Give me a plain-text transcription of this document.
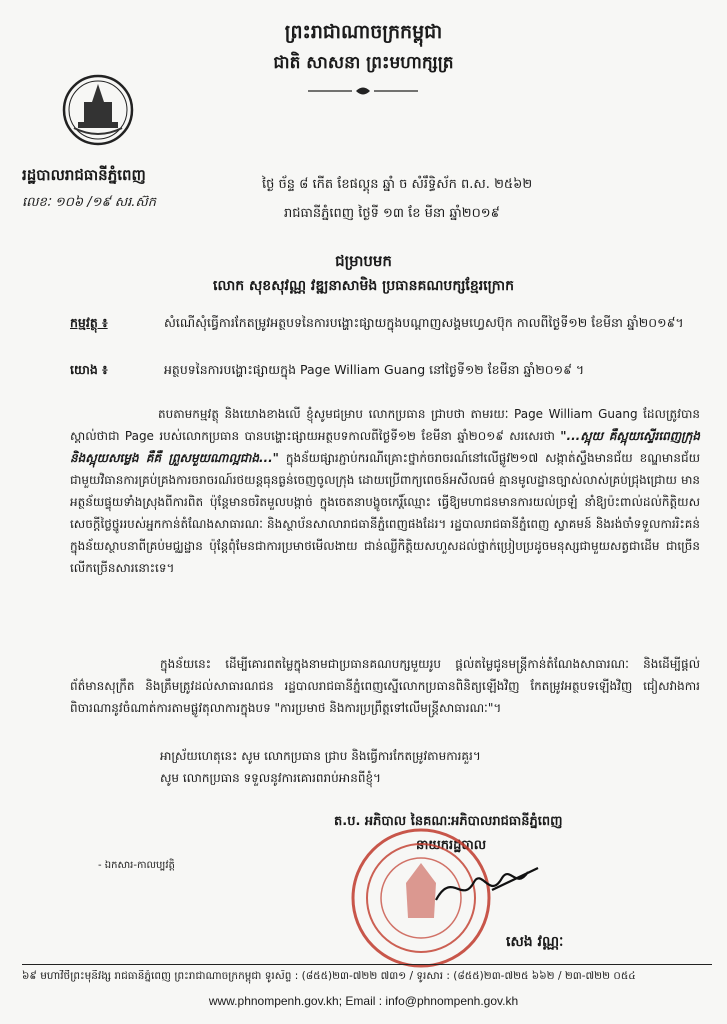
ព្រះរាជាណាចក្រកម្ពុជា
ជាតិ សាសនា ព្រះមហាក្សត្រ
រដ្ឋបាលរាជធានីភ្នំពេញ
លេខៈ ១០៦ /១៩ សរ.ស៊ក
ថ្ងៃ ច័ន្ទ ៨ កើត ខែផល្គុន ឆ្នាំ ច សំរឹទ្ធិស័ក ព.ស. ២៥៦២
រាជធានីភ្នំពេញ ថ្ងៃទី ១៣ ខែ មីនា ឆ្នាំ២០១៩
ជម្រាបមក
លោក សុខសុវណ្ណ វឌ្ឍនាសាមិង ប្រធានគណបក្សខ្មែរក្រោក
កម្មវត្ថុ ៖	សំណើសុំធ្វើការកែតម្រូវអត្ថបទនៃការបង្ហោះផ្សាយក្នុងបណ្តាញសង្គមហ្វេសប៊ុក កាលពីថ្ងៃទី១២ ខែមីនា ឆ្នាំ២០១៩។
យោង ៖	អត្ថបទនៃការបង្ហោះផ្សាយក្នុង Page William Guang នៅថ្ងៃទី១២ ខែមីនា ឆ្នាំ២០១៩ ។
តបតាមកម្មវត្ថុ និងយោងខាងលើ ខ្ញុំសូមជម្រាប លោកប្រធាន ជ្រាបថា តាមរយៈ Page William Guang ដែលត្រូវបានស្គាល់ថាជា Page របស់លោកប្រធាន បានបង្ហោះផ្សាយអត្ថបទកាលពីថ្ងៃទី១២ ខែមីនា ឆ្នាំ២០១៩ សរសេរថា "...ស្អុយ គឺស្អុយស្ទើរពេញក្រុង និងស្អុយសម្លេង គឺគឺ ព្រួសមួយណាល្អជាង..." ក្នុងន័យផ្សារភ្ជាប់ករណីគ្រោះថ្នាក់ចរាចរណ៍នៅលើផ្លូវ២១៧ សង្កាត់ស្ទឹងមានជ័យ ខណ្ឌមានជ័យ ជាមួយវិធានការគ្រប់គ្រងការចរាចរណ៍រថយន្តធុនធ្ងន់ចេញចូលក្រុង ដោយប្រើពាក្យពេចន៍អសីលធម៌ គ្មានមូលដ្ឋានច្បាស់លាស់គ្រប់ជ្រុងជ្រោយ មានអត្ថន័យផ្ទុយទាំងស្រុងពីការពិត ប៉ុន្តែមានចរិតមួលបង្កាច់ ក្នុងចេតនាបង្ខូចកេរ្តិ៍ឈ្មោះ ធ្វើឱ្យមហាជនមានការយល់ច្រឡំ នាំឱ្យប៉ះពាល់ដល់កិត្តិយស សេចក្តីថ្លៃថ្នូររបស់អ្នកកាន់តំណែងសាធារណៈ និងស្ថាប័នសាលារាជធានីភ្នំពេញផងដែរ។ រដ្ឋបាលរាជធានីភ្នំពេញ ស្វាគមន៍ និងរង់ចាំទទួលការរិះគន់ក្នុងន័យស្ថាបនាពីគ្រប់មជ្ឈដ្ឋាន ប៉ុន្តែពុំមែនជាការប្រមាថមើលងាយ ជាន់ឈ្លីកិត្តិយសហួសដល់ថ្នាក់ប្រៀបប្រដូចមនុស្សជាមួយសត្វជាដើម ជាច្រើនលើកច្រើនសារនោះទេ។
ក្នុងន័យនេះ ដើម្បីគោរពតម្លៃក្នុងនាមជាប្រធានគណបក្សមួយរូប ផ្តល់តម្លៃជូនមន្ត្រីកាន់តំណែងសាធារណៈ និងដើម្បីផ្តល់ព័ត៌មានសុក្រឹត និងត្រឹមត្រូវដល់សាធារណជន រដ្ឋបាលរាជធានីភ្នំពេញស្នើលោកប្រធានពិនិត្យឡើងវិញ កែតម្រូវអត្ថបទឡើងវិញ ជៀសវាងការពិចារណានូវចំណាត់ការតាមផ្លូវតុលាការក្នុងបទ "ការប្រមាថ និងការប្រព្រឹត្តទៅលើមន្ត្រីសាធារណៈ"។
អាស្រ័យហេតុនេះ សូម លោកប្រធាន ជ្រាប និងធ្វើការកែតម្រូវតាមការគួរ។
សូម លោកប្រធាន ទទួលនូវការគោរពរាប់អានពីខ្ញុំ។
ត.ប. អភិបាល នៃគណៈអភិបាលរាជធានីភ្នំពេញ
នាយករដ្ឋបាល
- ឯកសារ-កាលប្បវត្តិ
សេង វណ្ណៈ
៦៩ មហាវិថីព្រះមុនីវង្ស រាជធានីភ្នំពេញ ព្រះរាជាណាចក្រកម្ពុជា ទូរស័ព្ទ : (៨៥៥)២៣-៧២២ ៧៣១ / ទូរសារ : (៨៥៥)២៣-៧២៥ ៦៦២ / ២៣-៧២២ ០៥៤
www.phnompenh.gov.kh; Email : info@phnompenh.gov.kh
